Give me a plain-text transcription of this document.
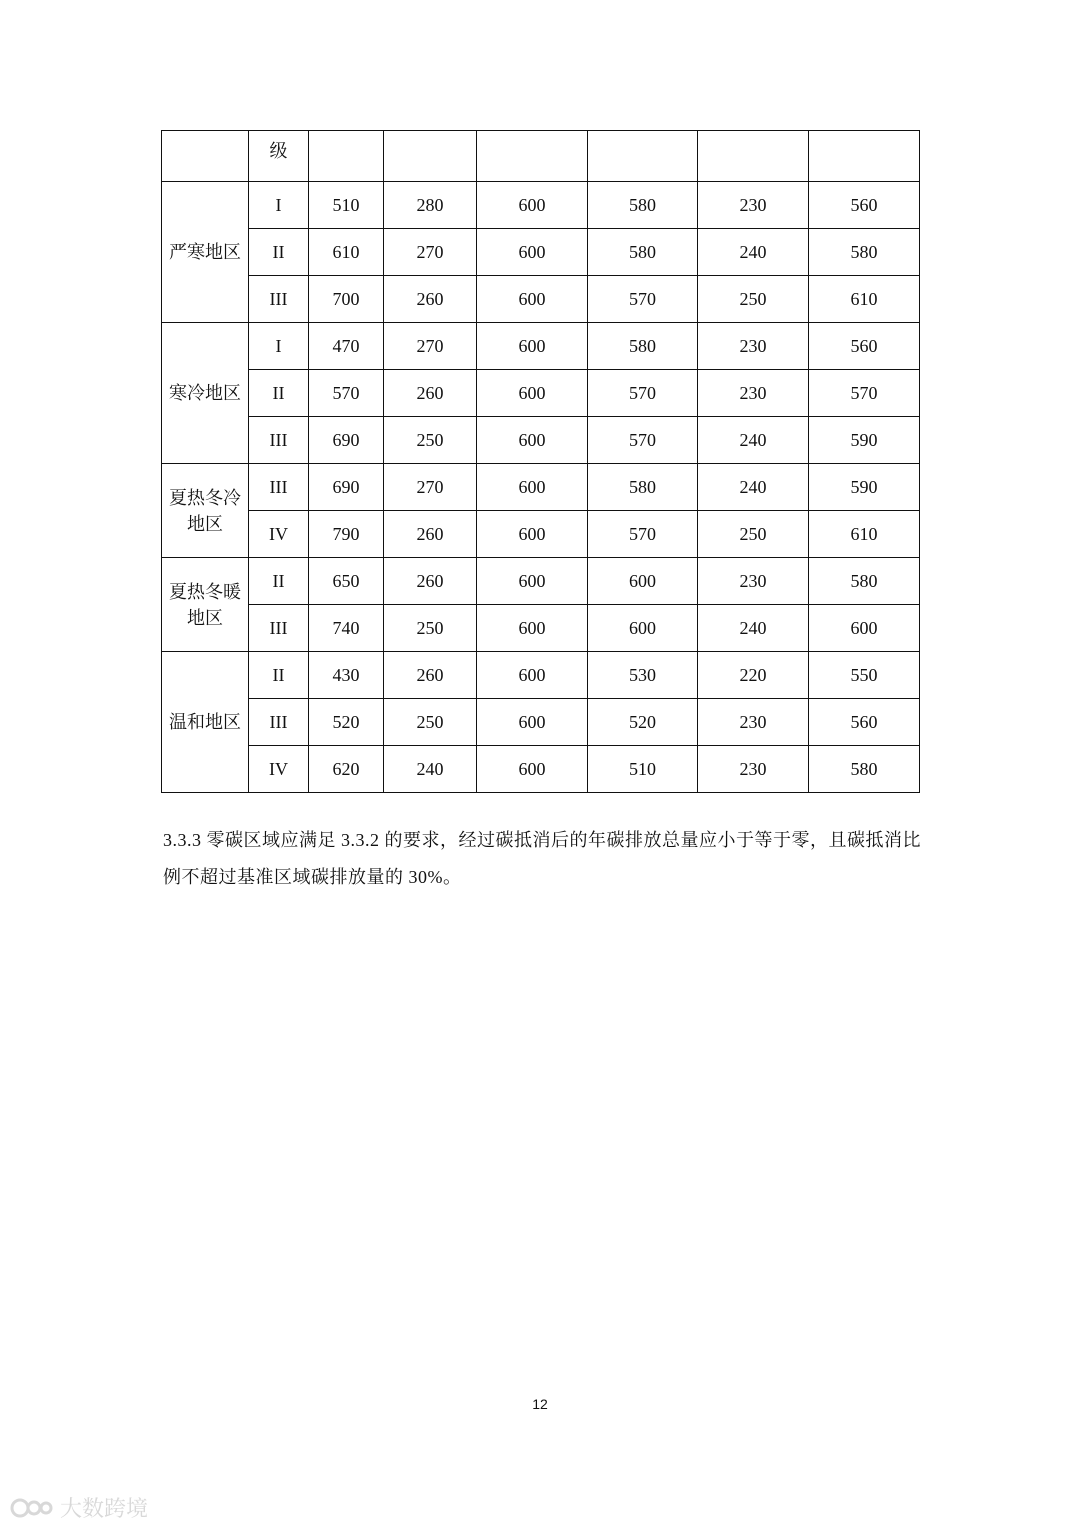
	级						
严寒地区	I	510	280	600	580	230	560
	II	610	270	600	580	240	580
	III	700	260	600	570	250	610
寒冷地区	I	470	270	600	580	230	560
	II	570	260	600	570	230	570
	III	690	250	600	570	240	590
夏热冬冷地区	III	690	270	600	580	240	590
	IV	790	260	600	570	250	610
夏热冬暖地区	II	650	260	600	600	230	580
	III	740	250	600	600	240	600
温和地区	II	430	260	600	530	220	550
	III	520	250	600	520	230	560
	IV	620	240	600	510	230	580
3.3.3 零碳区域应满足 3.3.2 的要求，经过碳抵消后的年碳排放总量应小于等于零，且碳抵消比例不超过基准区域碳排放量的 30%。
12
大数跨境
